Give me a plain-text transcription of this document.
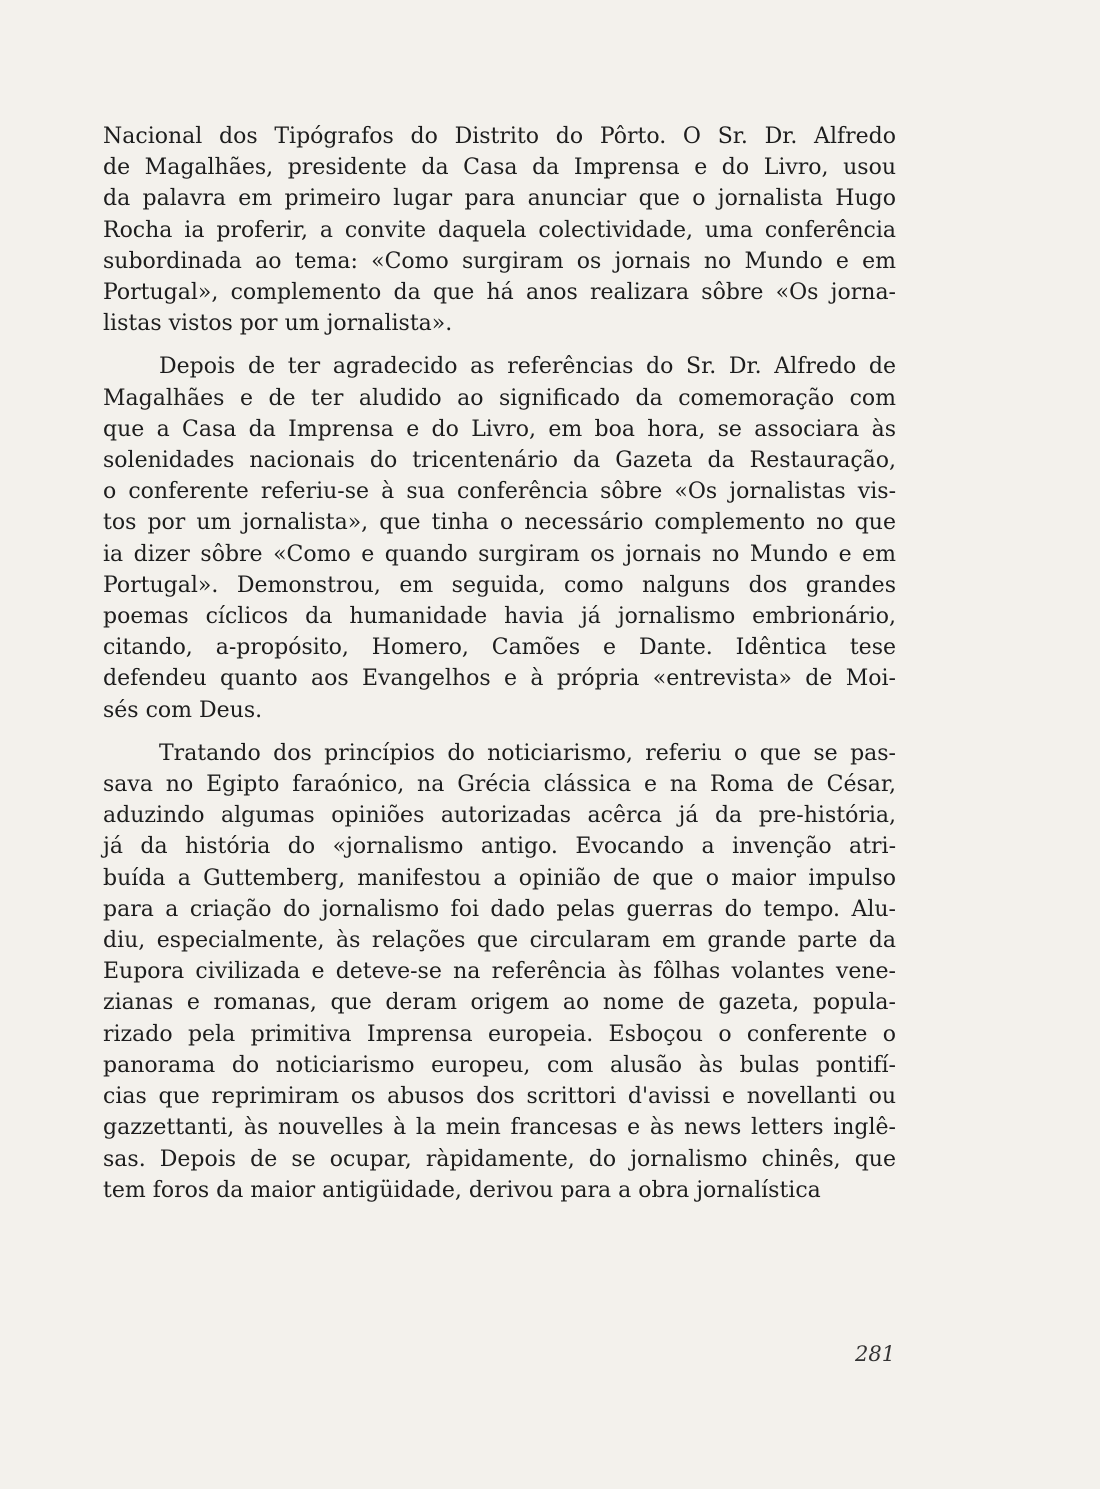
Nacional dos Tipógrafos do Distrito do Pôrto. O Sr. Dr. Alfredo
de Magalhães, presidente da Casa da Imprensa e do Livro, usou
da palavra em primeiro lugar para anunciar que o jornalista Hugo
Rocha ia proferir, a convite daquela colectividade, uma conferência
subordinada ao tema: «Como surgiram os jornais no Mundo e em
Portugal», complemento da que há anos realizara sôbre «Os jorna-
listas vistos por um jornalista».

Depois de ter agradecido as referências do Sr. Dr. Alfredo de
Magalhães e de ter aludido ao significado da comemoração com
que a Casa da Imprensa e do Livro, em boa hora, se associara às
solenidades nacionais do tricentenário da Gazeta da Restauração,
o conferente referiu-se à sua conferência sôbre «Os jornalistas vis-
tos por um jornalista», que tinha o necessário complemento no que
ia dizer sôbre «Como e quando surgiram os jornais no Mundo e em
Portugal». Demonstrou, em seguida, como nalguns dos grandes
poemas cíclicos da humanidade havia já jornalismo embrionário,
citando, a-propósito, Homero, Camões e Dante. Idêntica tese
defendeu quanto aos Evangelhos e à própria «entrevista» de Moi-
sés com Deus.

Tratando dos princípios do noticiarismo, referiu o que se pas-
sava no Egipto faraónico, na Grécia clássica e na Roma de César,
aduzindo algumas opiniões autorizadas acêrca já da pre-história,
já da história do «jornalismo antigo. Evocando a invenção atri-
buída a Guttemberg, manifestou a opinião de que o maior impulso
para a criação do jornalismo foi dado pelas guerras do tempo. Alu-
diu, especialmente, às relações que circularam em grande parte da
Eupora civilizada e deteve-se na referência às fôlhas volantes vene-
zianas e romanas, que deram origem ao nome de gazeta, popula-
rizado pela primitiva Imprensa europeia. Esboçou o conferente o
panorama do noticiarismo europeu, com alusão às bulas pontifí-
cias que reprimiram os abusos dos scrittori d'avissi e novellanti ou
gazzettanti, às nouvelles à la mein francesas e às news letters inglê-
sas. Depois de se ocupar, ràpidamente, do jornalismo chinês, que
tem foros da maior antigüidade, derivou para a obra jornalística

281
